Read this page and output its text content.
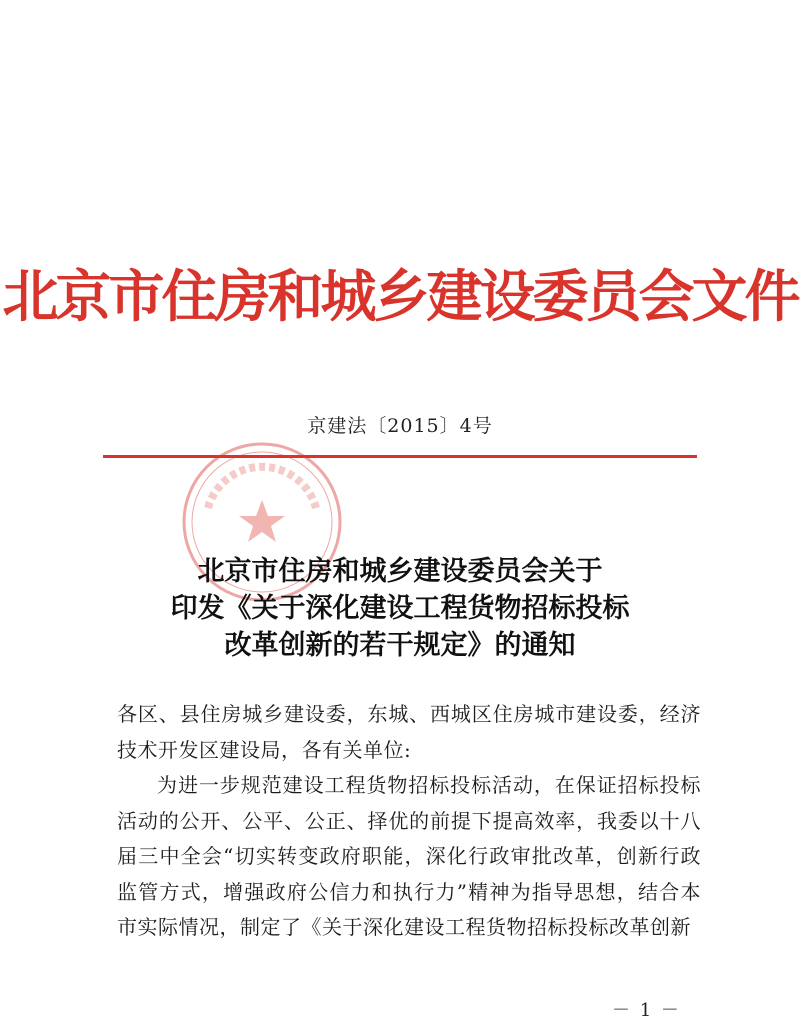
北京市住房和城乡建设委员会文件
京建法〔2015〕4号
北京市住房和城乡建设委员会关于
印发《关于深化建设工程货物招标投标
改革创新的若干规定》的通知

各区、县住房城乡建设委，东城、西城区住房城市建设委，经济技术开发区建设局，各有关单位:

为进一步规范建设工程货物招标投标活动，在保证招标投标活动的公开、公平、公正、择优的前提下提高效率，我委以十八届三中全会“切实转变政府职能，深化行政审批改革，创新行政监管方式，增强政府公信力和执行力”精神为指导思想，结合本市实际情况，制定了《关于深化建设工程货物招标投标改革创新

－ 1 －
